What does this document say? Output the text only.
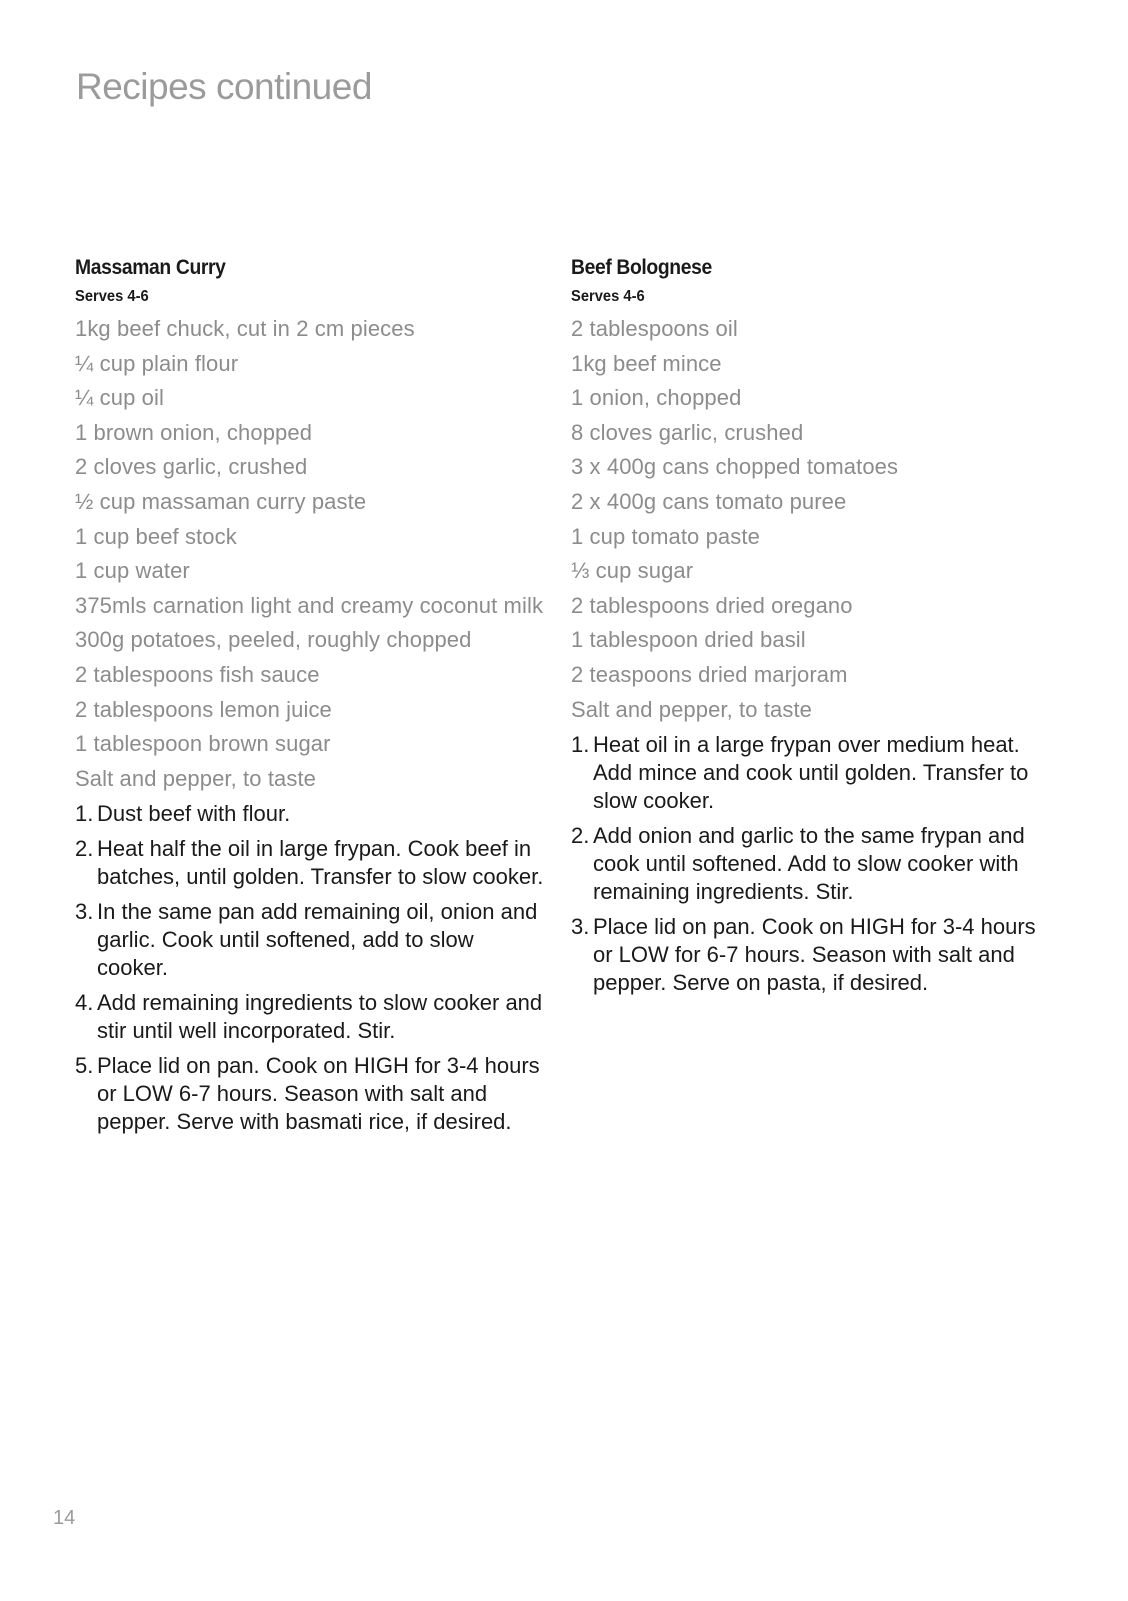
Recipes continued
Massaman Curry

Serves 4-6

1kg beef chuck, cut in 2 cm pieces
¼ cup plain flour
¼ cup oil
1 brown onion, chopped
2 cloves garlic, crushed
½ cup massaman curry paste
1 cup beef stock
1 cup water
375mls carnation light and creamy coconut milk
300g potatoes, peeled, roughly chopped
2 tablespoons fish sauce
2 tablespoons lemon juice
1 tablespoon brown sugar
Salt and pepper, to taste
1. Dust beef with flour.
2. Heat half the oil in large frypan. Cook beef in batches, until golden. Transfer to slow cooker.
3. In the same pan add remaining oil, onion and garlic. Cook until softened, add to slow cooker.
4. Add remaining ingredients to slow cooker and stir until well incorporated. Stir.
5. Place lid on pan. Cook on HIGH for 3-4 hours or LOW 6-7 hours. Season with salt and pepper. Serve with basmati rice, if desired.
Beef Bolognese

Serves 4-6

2 tablespoons oil
1kg beef mince
1 onion, chopped
8 cloves garlic, crushed
3 x 400g cans chopped tomatoes
2 x 400g cans tomato puree
1 cup tomato paste
⅓ cup sugar
2 tablespoons dried oregano
1 tablespoon dried basil
2 teaspoons dried marjoram
Salt and pepper, to taste
1. Heat oil in a large frypan over medium heat. Add mince and cook until golden. Transfer to slow cooker.
2. Add onion and garlic to the same frypan and cook until softened. Add to slow cooker with remaining ingredients. Stir.
3. Place lid on pan. Cook on HIGH for 3-4 hours or LOW for 6-7 hours. Season with salt and pepper. Serve on pasta, if desired.
14
